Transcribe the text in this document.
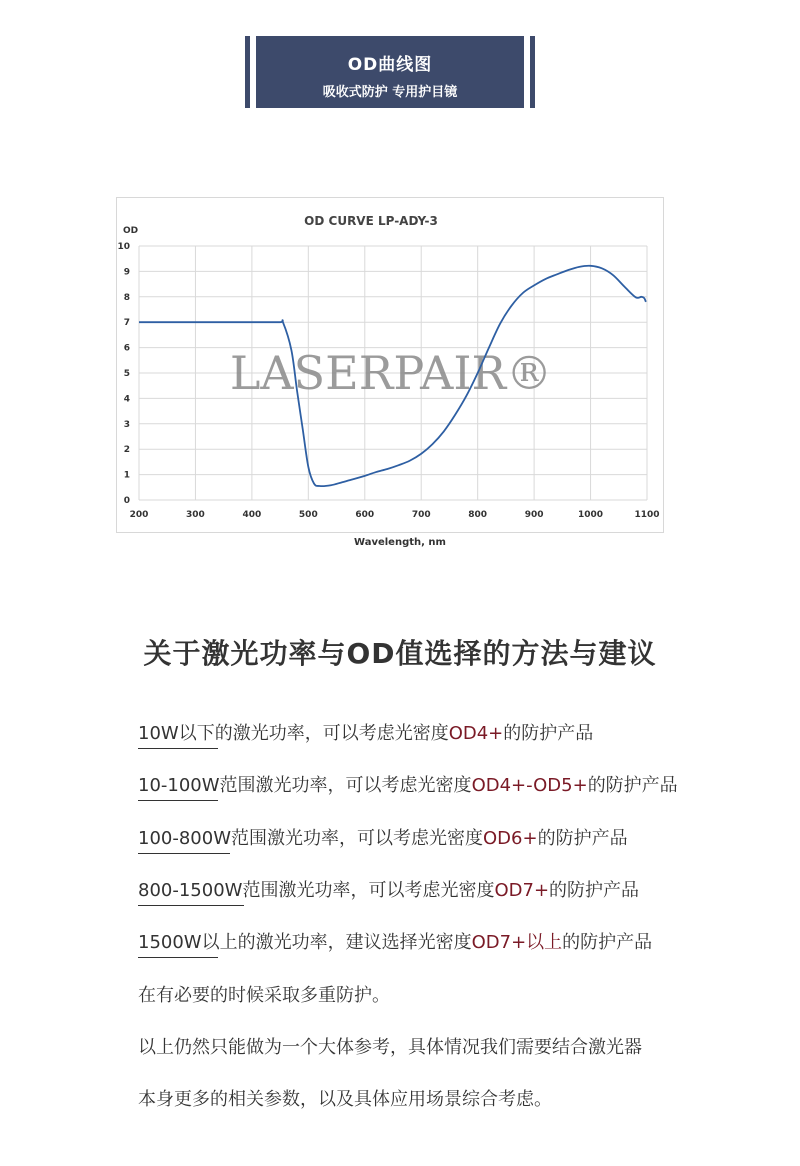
OD曲线图
吸收式防护 专用护目镜
OD CURVE LP-ADY-3
OD
0
1
2
3
4
5
6
7
8
9
10
200	300	400	500	600	700	800	900	1000	1100
LASERPAIR®
Wavelength, nm
关于激光功率与OD值选择的方法与建议
10W以下的激光功率，可以考虑光密度OD4+的防护产品
10-100W范围激光功率，可以考虑光密度OD4+-OD5+的防护产品
100-800W范围激光功率，可以考虑光密度OD6+的防护产品
800-1500W范围激光功率，可以考虑光密度OD7+的防护产品
1500W以上的激光功率，建议选择光密度OD7+以上的防护产品
在有必要的时候采取多重防护。
以上仍然只能做为一个大体参考，具体情况我们需要结合激光器
本身更多的相关参数，以及具体应用场景综合考虑。
